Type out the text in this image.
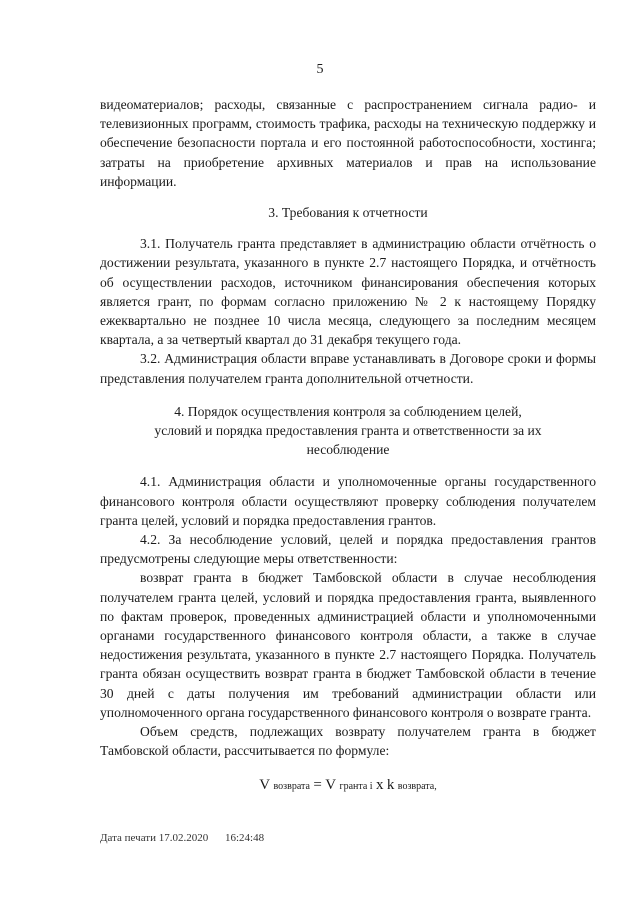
5

видеоматериалов; расходы, связанные с распространением сигнала радио- и телевизионных программ, стоимость трафика, расходы на техническую поддержку и обеспечение безопасности портала и его постоянной работоспособности, хостинга; затраты на приобретение архивных материалов и прав на использование информации.

3. Требования к отчетности

3.1. Получатель гранта представляет в администрацию области отчётность о достижении результата, указанного в пункте 2.7 настоящего Порядка, и отчётность об осуществлении расходов, источником финансирования обеспечения которых является грант, по формам согласно приложению № 2 к настоящему Порядку ежеквартально не позднее 10 числа месяца, следующего за последним месяцем квартала, а за четвертый квартал до 31 декабря текущего года.

3.2. Администрация области вправе устанавливать в Договоре сроки и формы представления получателем гранта дополнительной отчетности.

4. Порядок осуществления контроля за соблюдением целей,

условий и порядка предоставления гранта и ответственности за их

несоблюдение

4.1. Администрация области и уполномоченные органы государственного финансового контроля области осуществляют проверку соблюдения получателем гранта целей, условий и порядка предоставления грантов.

4.2. За несоблюдение условий, целей и порядка предоставления грантов предусмотрены следующие меры ответственности:

возврат гранта в бюджет Тамбовской области в случае несоблюдения получателем гранта целей, условий и порядка предоставления гранта, выявленного по фактам проверок, проведенных администрацией области и уполномоченными органами государственного финансового контроля области, а также в случае недостижения результата, указанного в пункте 2.7 настоящего Порядка. Получатель гранта обязан осуществить возврат гранта в бюджет Тамбовской области в течение 30 дней с даты получения им требований администрации области или уполномоченного органа государственного финансового контроля о возврате гранта.

Объем средств, подлежащих возврату получателем гранта в бюджет Тамбовской области, рассчитывается по формуле:

V возврата = V гранта i x k возврата,

Дата печати 17.02.2020 16:24:48
